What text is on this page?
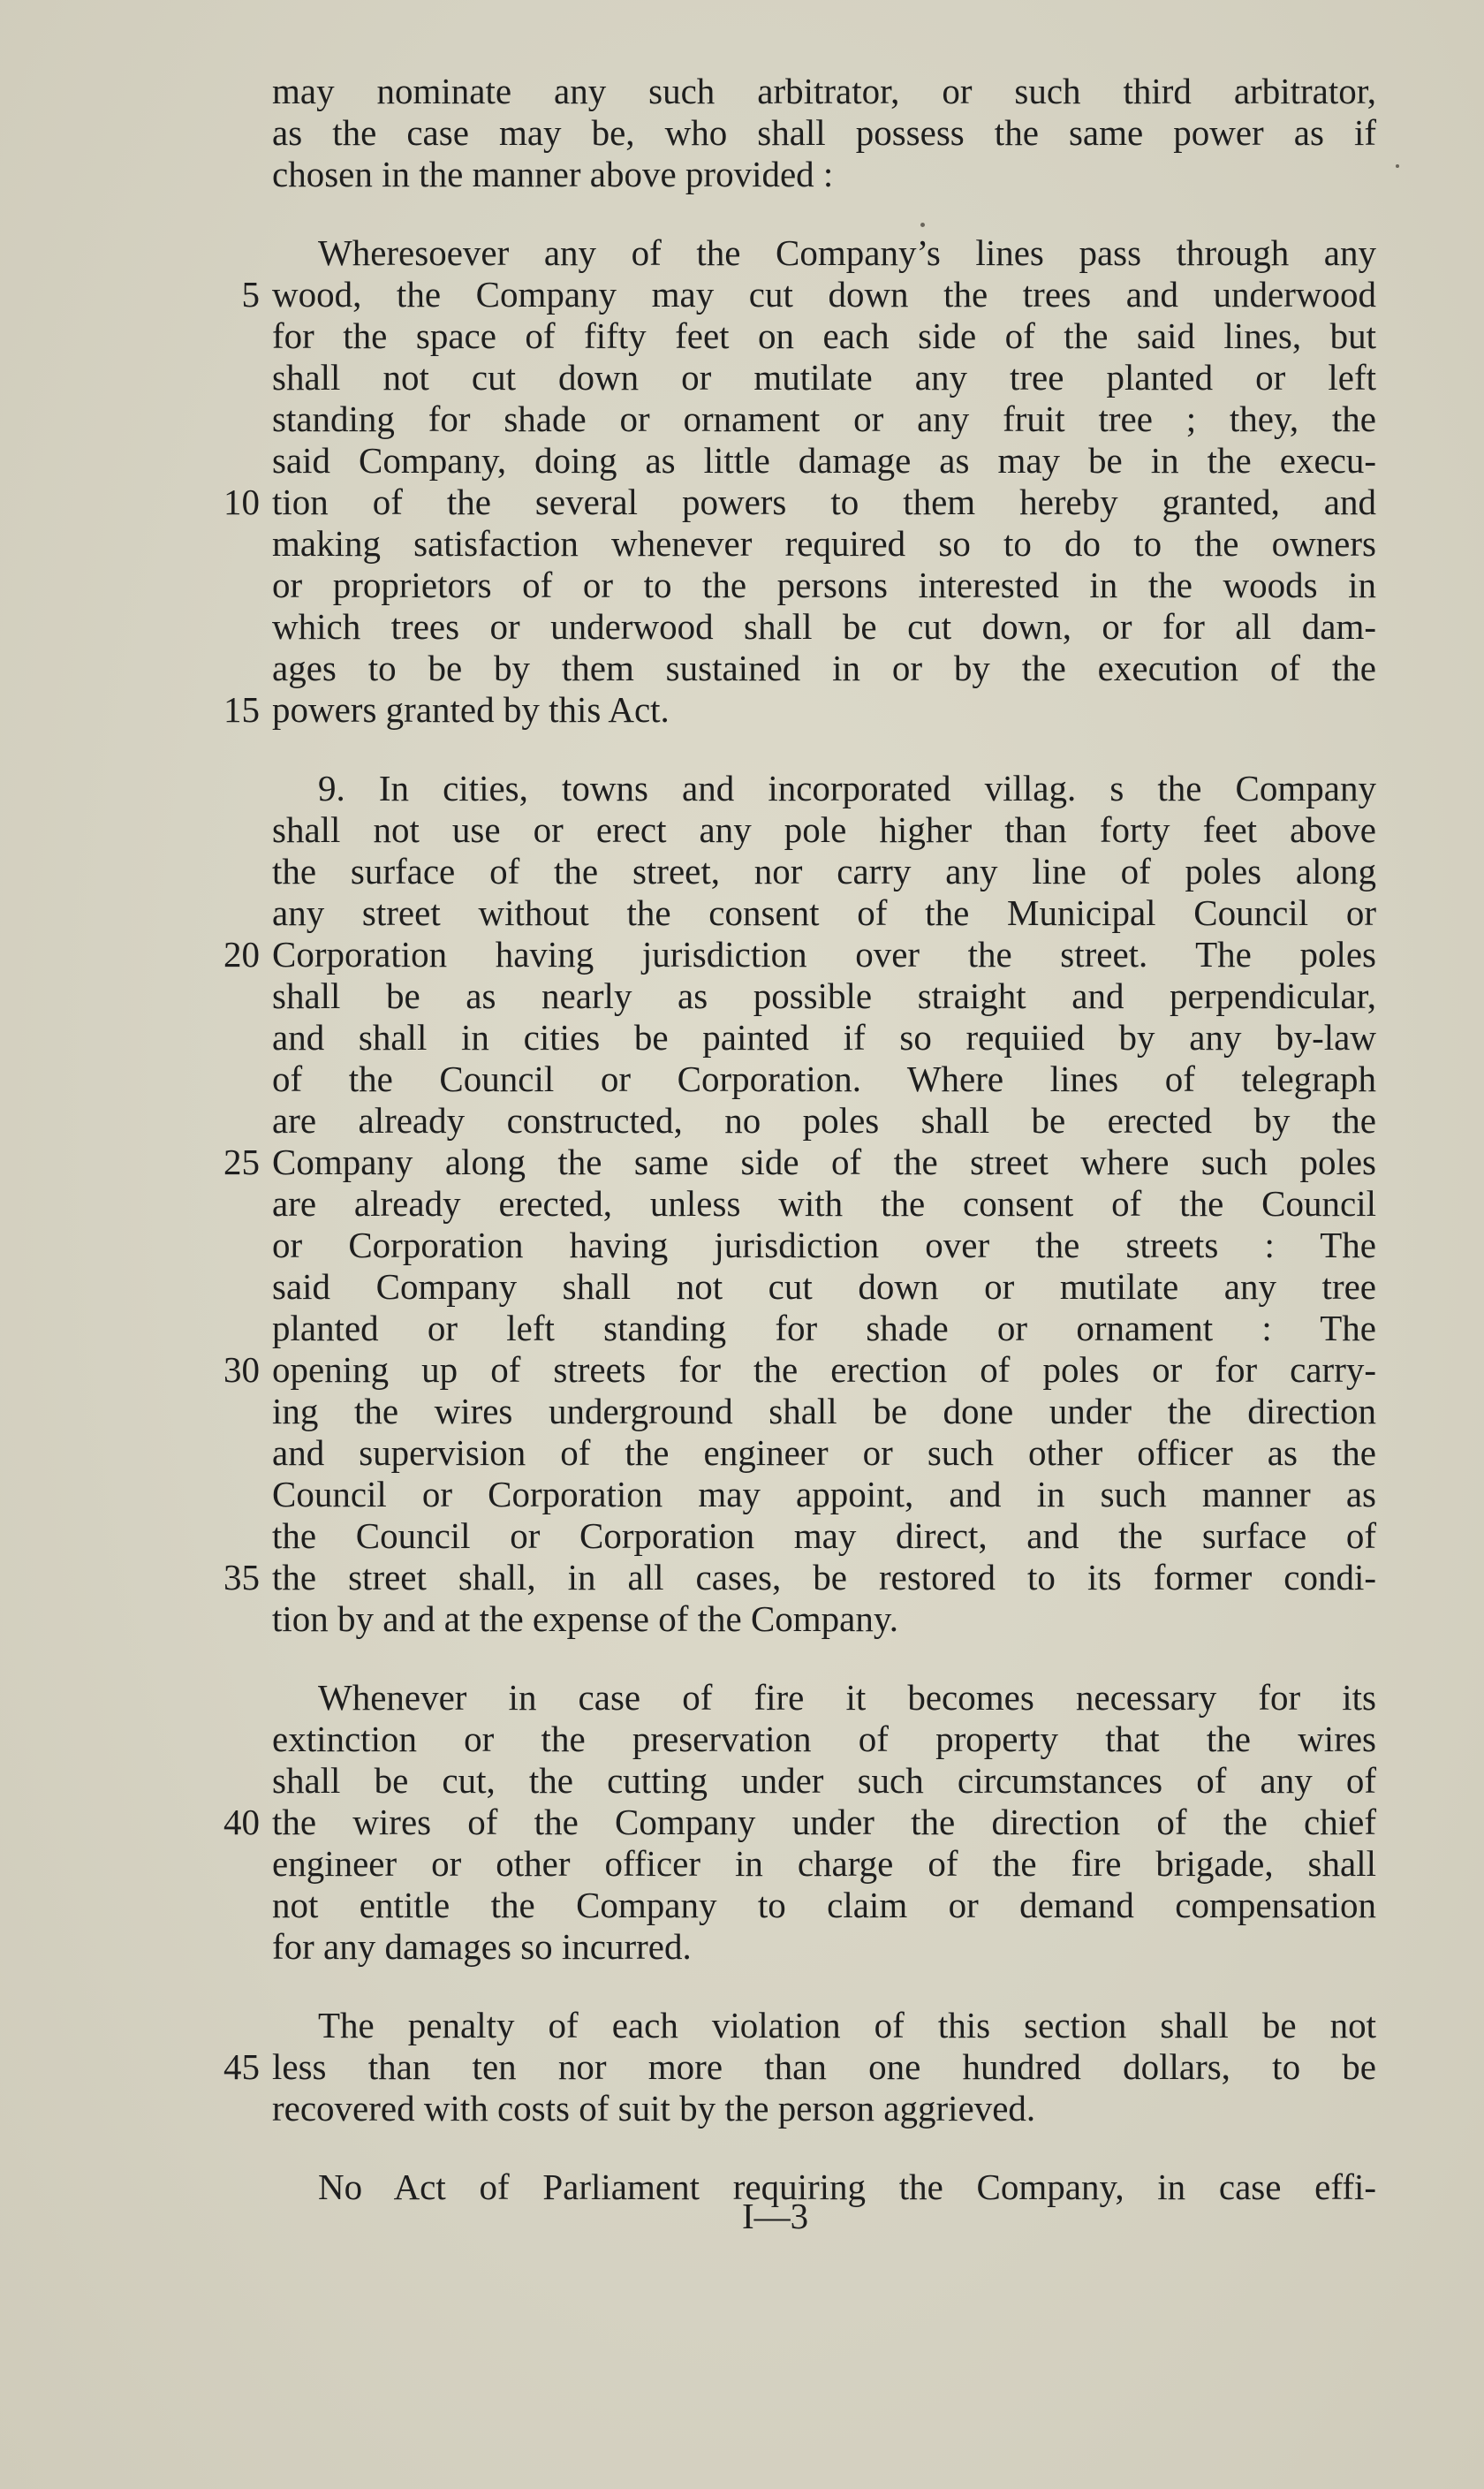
may nominate any such arbitrator, or such third arbitrator,
as the case may be, who shall possess the same power as if
chosen in the manner above provided :
Wheresoever any of the Company’s lines pass through any
wood, the Company may cut down the trees and underwood
5
for the space of fifty feet on each side of the said lines, but
shall not cut down or mutilate any tree planted or left
standing for shade or ornament or any fruit tree ; they, the
said Company, doing as little damage as may be in the execu-
tion of the several powers to them hereby granted, and
10
making satisfaction whenever required so to do to the owners
or proprietors of or to the persons interested in the woods in
which trees or underwood shall be cut down, or for all dam-
ages to be by them sustained in or by the execution of the
powers granted by this Act.
15
9. In cities, towns and incorporated villag. s the Company
shall not use or erect any pole higher than forty feet above
the surface of the street, nor carry any line of poles along
any street without the consent of the Municipal Council or
Corporation having jurisdiction over the street. The poles
20
shall be as nearly as possible straight and perpendicular,
and shall in cities be painted if so requiied by any by-law
of the Council or Corporation. Where lines of telegraph
are already constructed, no poles shall be erected by the
Company along the same side of the street where such poles
25
are already erected, unless with the consent of the Council
or Corporation having jurisdiction over the streets : The
said Company shall not cut down or mutilate any tree
planted or left standing for shade or ornament : The
opening up of streets for the erection of poles or for carry-
30
ing the wires underground shall be done under the direction
and supervision of the engineer or such other officer as the
Council or Corporation may appoint, and in such manner as
the Council or Corporation may direct, and the surface of
the street shall, in all cases, be restored to its former condi-
35
tion by and at the expense of the Company.
Whenever in case of fire it becomes necessary for its
extinction or the preservation of property that the wires
shall be cut, the cutting under such circumstances of any of
the wires of the Company under the direction of the chief
40
engineer or other officer in charge of the fire brigade, shall
not entitle the Company to claim or demand compensation
for any damages so incurred.
The penalty of each violation of this section shall be not
less than ten nor more than one hundred dollars, to be
45
recovered with costs of suit by the person aggrieved.
No Act of Parliament requiring the Company, in case effi-
I—3
